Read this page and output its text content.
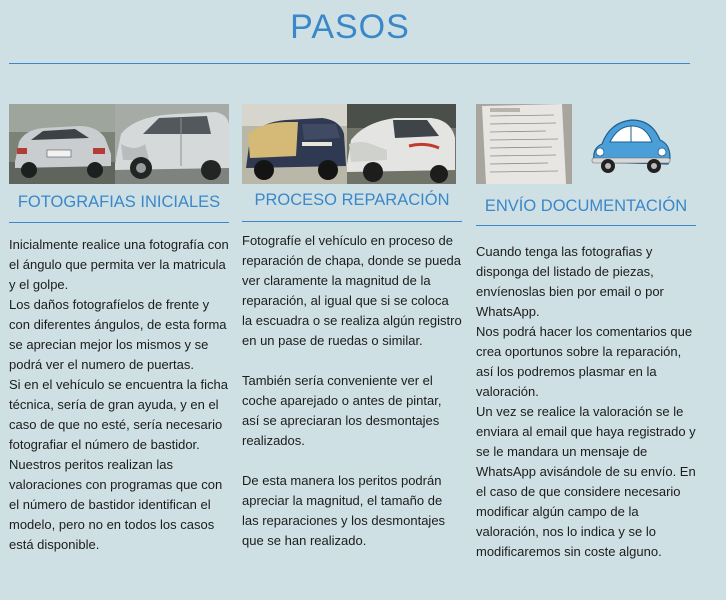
PASOS
FOTOGRAFIAS INICIALES

Inicialmente realice una fotografía con el ángulo que permita ver la matricula y el golpe.

Los daños fotografíelos de frente y con diferentes ángulos, de esta forma se aprecian mejor los mismos y se podrá ver el numero de puertas.

Si en el vehículo se encuentra la ficha técnica, sería de gran ayuda, y en el caso de que no esté, sería necesario fotografiar el número de bastidor.

Nuestros peritos realizan las valoraciones con programas que con el número de bastidor identifican el modelo, pero no en todos los casos está disponible.

PROCESO REPARACIÓN

Fotografíe el vehículo en proceso de reparación de chapa, donde se pueda ver claramente la magnitud de la reparación, al igual que si se coloca la escuadra o se realiza algún registro en un pase de ruedas o similar.

También sería conveniente ver el coche aparejado o antes de pintar, así se apreciaran los desmontajes realizados.

De esta manera los peritos podrán apreciar la magnitud, el tamaño de las reparaciones y los desmontajes que se han realizado.

ENVÍO DOCUMENTACIÓN

Cuando tenga las fotografias y disponga del listado de piezas, envíenoslas bien por email o por WhatsApp.

Nos podrá hacer los comentarios que crea oportunos sobre la reparación, así los podremos plasmar en la valoración.

Un vez se realice la valoración se le enviara al email que haya registrado y se le mandara un mensaje de WhatsApp avisándole de su envío. En el caso de que considere necesario modificar algún campo de la valoración, nos lo indica y se lo modificaremos sin coste alguno.
